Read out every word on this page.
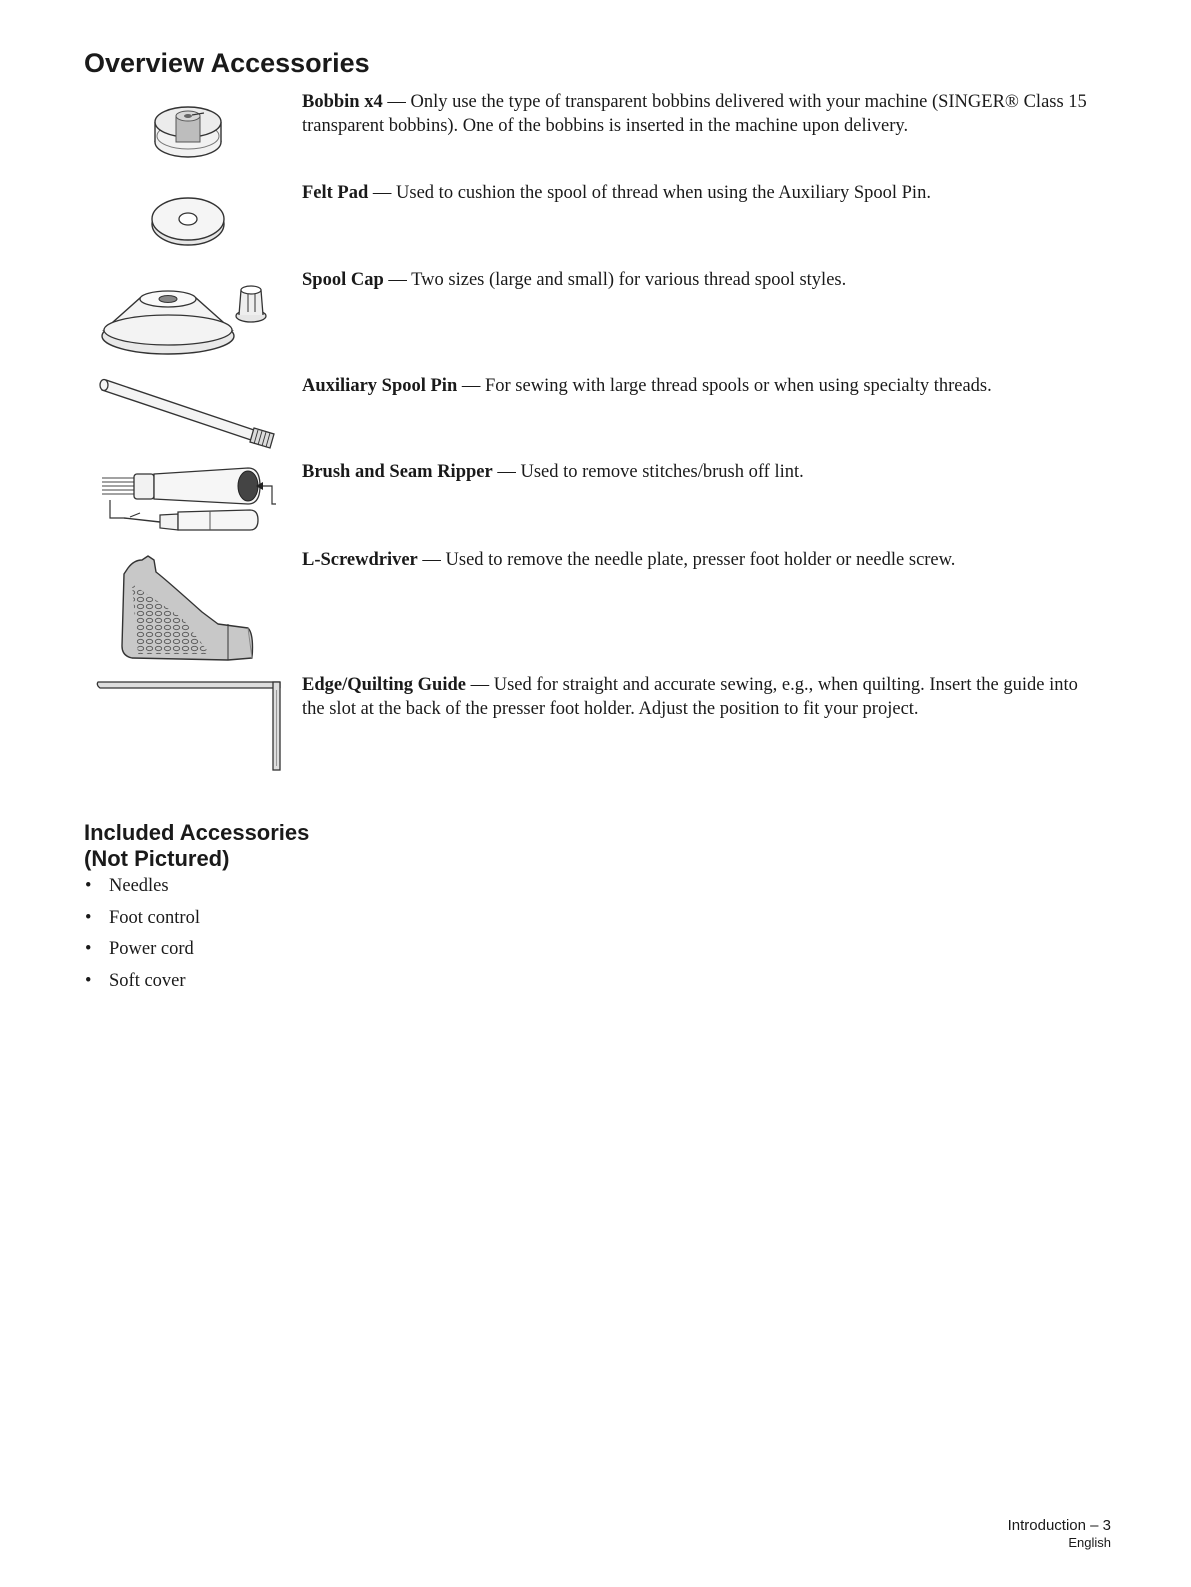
Overview Accessories

Bobbin x4 — Only use the type of transparent bobbins delivered with your machine (SINGER® Class 15 transparent bobbins). One of the bobbins is inserted in the machine upon delivery.

Felt Pad — Used to cushion the spool of thread when using the Auxiliary Spool Pin.

Spool Cap — Two sizes (large and small) for various thread spool styles.

Auxiliary Spool Pin — For sewing with large thread spools or when using specialty threads.

Brush and Seam Ripper — Used to remove stitches/brush off lint.

L-Screwdriver — Used to remove the needle plate, presser foot holder or needle screw.

Edge/Quilting Guide — Used for straight and accurate sewing, e.g., when quilting. Insert the guide into the slot at the back of the presser foot holder. Adjust the position to fit your project.

Included Accessories
(Not Pictured)
• Needles
• Foot control
• Power cord
• Soft cover
Introduction – 3
English
